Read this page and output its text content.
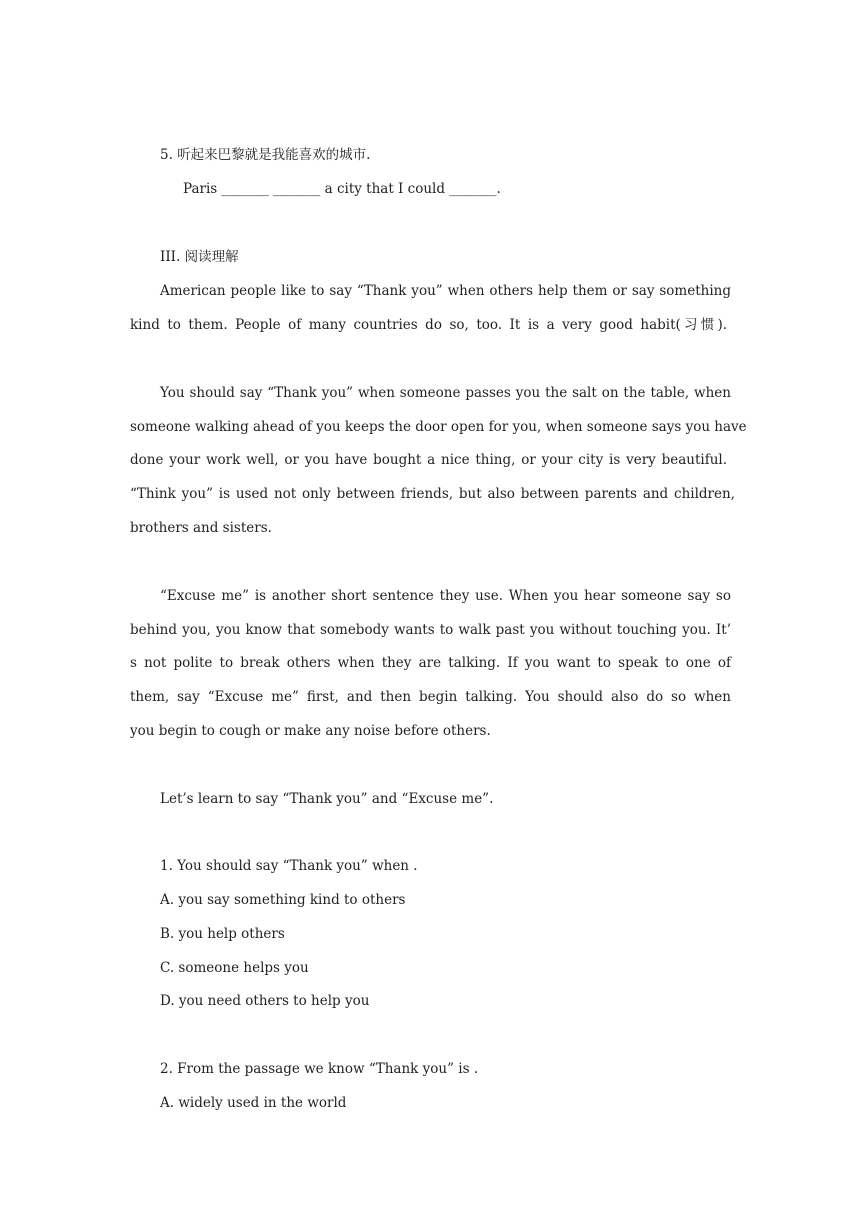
5. 听起来巴黎就是我能喜欢的城市.
Paris _______ _______ a city that I could _______.
III. 阅读理解
American people like to say “Thank you” when others help them or say something
kind to them. People of many countries do so, too. It is a very good habit(习惯).
You should say “Thank you” when someone passes you the salt on the table, when
someone walking ahead of you keeps the door open for you, when someone says you have
done your work well, or you have bought a nice thing, or your city is very beautiful.
“Think you” is used not only between friends, but also between parents and children,
brothers and sisters.
“Excuse me” is another short sentence they use. When you hear someone say so
behind you, you know that somebody wants to walk past you without touching you. It’
s not polite to break others when they are talking. If you want to speak to one of
them, say “Excuse me” first, and then begin talking. You should also do so when
you begin to cough or make any noise before others.
Let’s learn to say “Thank you” and “Excuse me”.
1. You should say “Thank you” when .
A. you say something kind to others
B. you help others
C. someone helps you
D. you need others to help you
2. From the passage we know “Thank you” is .
A. widely used in the world
